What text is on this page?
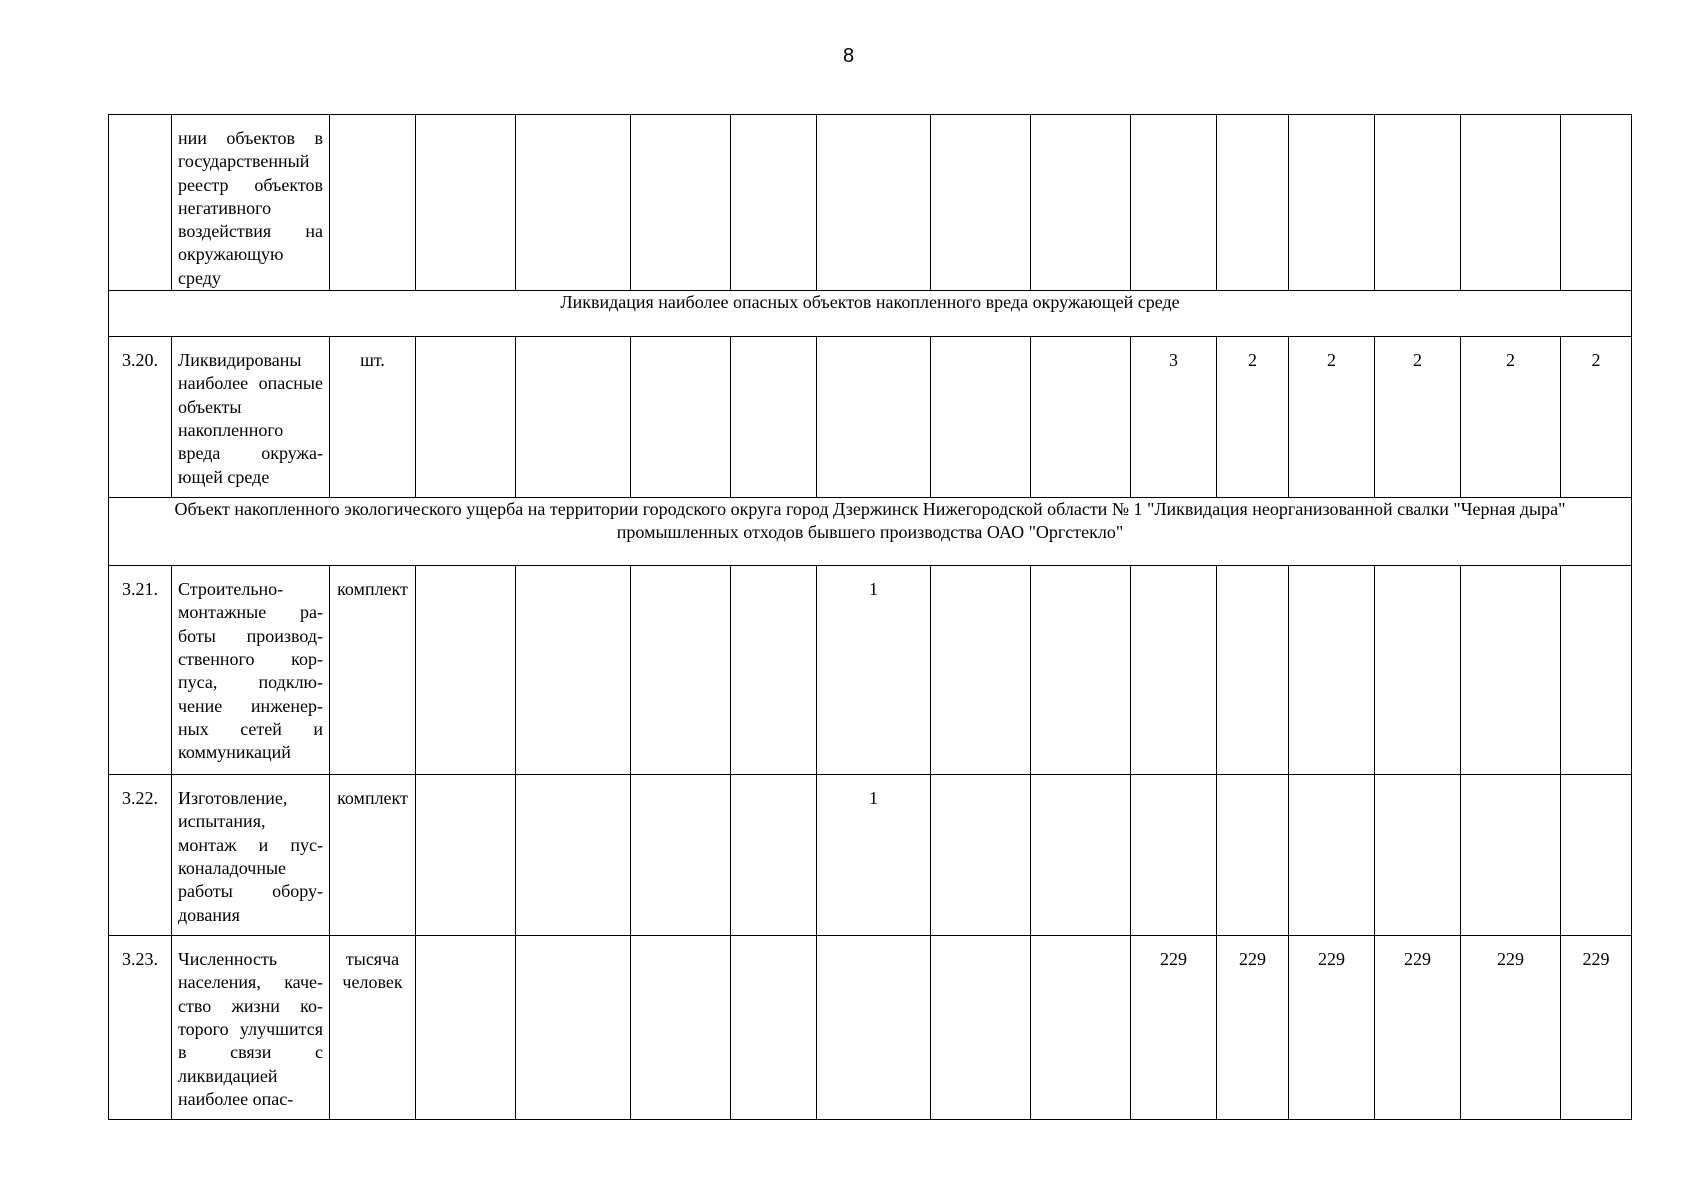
8
	нии объектов в государственный реестр объектов негативного воздействия на окружающую среду														
Ликвидация наиболее опасных объектов накопленного вреда окружающей среде															
3.20.	Ликвидированы наиболее опасные объекты накопленного вреда окружающей среде	шт.								3	2	2	2	2	2
Объект накопленного экологического ущерба на территории городского округа город Дзержинск Нижегородской области № 1 "Ликвидация неорганизованной свалки "Черная дыра" промышленных отходов бывшего производства ОАО "Оргстекло"															
3.21.	Строительно-монтажные работы производственного корпуса, подключение инженерных сетей и коммуникаций	комплект					1								
3.22.	Изготовление, испытания, монтаж и пусконаладочные работы оборудования	комплект					1								
3.23.	Численность населения, качество жизни которого улучшится в связи с ликвидацией наиболее опас-	тысяча человек								229	229	229	229	229	229
